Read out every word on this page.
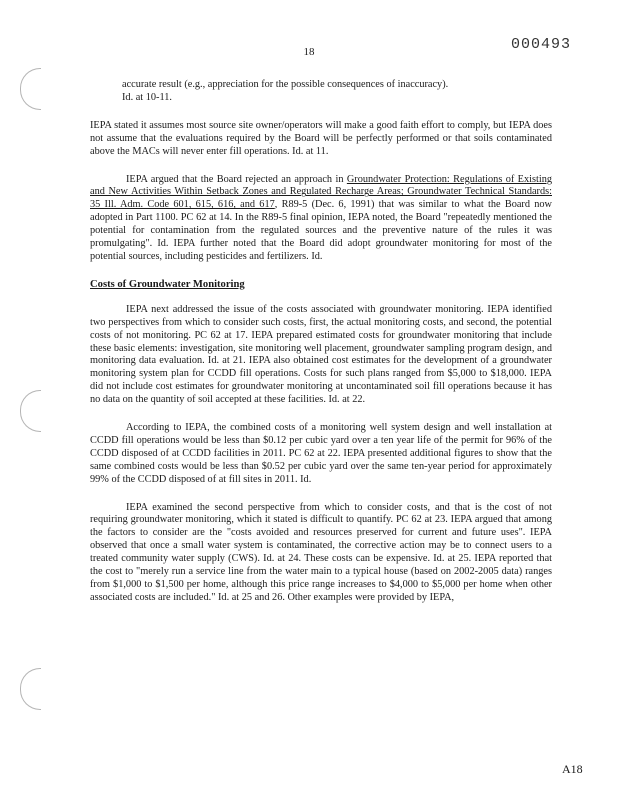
18	000493
accurate result (e.g., appreciation for the possible consequences of inaccuracy).
Id. at 10-11.

IEPA stated it assumes most source site owner/operators will make a good faith effort to comply, but IEPA does not assume that the evaluations required by the Board will be perfectly performed or that soils contaminated above the MACs will never enter fill operations. Id. at 11.

IEPA argued that the Board rejected an approach in Groundwater Protection: Regulations of Existing and New Activities Within Setback Zones and Regulated Recharge Areas; Groundwater Technical Standards: 35 Ill. Adm. Code 601, 615, 616, and 617, R89-5 (Dec. 6, 1991) that was similar to what the Board now adopted in Part 1100. PC 62 at 14. In the R89-5 final opinion, IEPA noted, the Board "repeatedly mentioned the potential for contamination from the regulated sources and the preventive nature of the rules it was promulgating". Id. IEPA further noted that the Board did adopt groundwater monitoring for most of the potential sources, including pesticides and fertilizers. Id.

Costs of Groundwater Monitoring

IEPA next addressed the issue of the costs associated with groundwater monitoring. IEPA identified two perspectives from which to consider such costs, first, the actual monitoring costs, and second, the potential costs of not monitoring. PC 62 at 17. IEPA prepared estimated costs for groundwater monitoring that include these basic elements: investigation, site monitoring well placement, groundwater sampling program design, and monitoring data evaluation. Id. at 21. IEPA also obtained cost estimates for the development of a groundwater monitoring system plan for CCDD fill operations. Costs for such plans ranged from $5,000 to $18,000. IEPA did not include cost estimates for groundwater monitoring at uncontaminated soil fill operations because it has no data on the quantity of soil accepted at these facilities. Id. at 22.

According to IEPA, the combined costs of a monitoring well system design and well installation at CCDD fill operations would be less than $0.12 per cubic yard over a ten year life of the permit for 96% of the CCDD disposed of at CCDD facilities in 2011. PC 62 at 22. IEPA presented additional figures to show that the same combined costs would be less than $0.52 per cubic yard over the same ten-year period for approximately 99% of the CCDD disposed of at fill sites in 2011. Id.

IEPA examined the second perspective from which to consider costs, and that is the cost of not requiring groundwater monitoring, which it stated is difficult to quantify. PC 62 at 23. IEPA argued that among the factors to consider are the "costs avoided and resources preserved for current and future uses". IEPA observed that once a small water system is contaminated, the corrective action may be to connect users to a treated community water supply (CWS). Id. at 24. These costs can be expensive. Id. at 25. IEPA reported that the cost to "merely run a service line from the water main to a typical house (based on 2002-2005 data) ranges from $1,000 to $1,500 per home, although this price range increases to $4,000 to $5,000 per home when other associated costs are included." Id. at 25 and 26. Other examples were provided by IEPA,

A18
